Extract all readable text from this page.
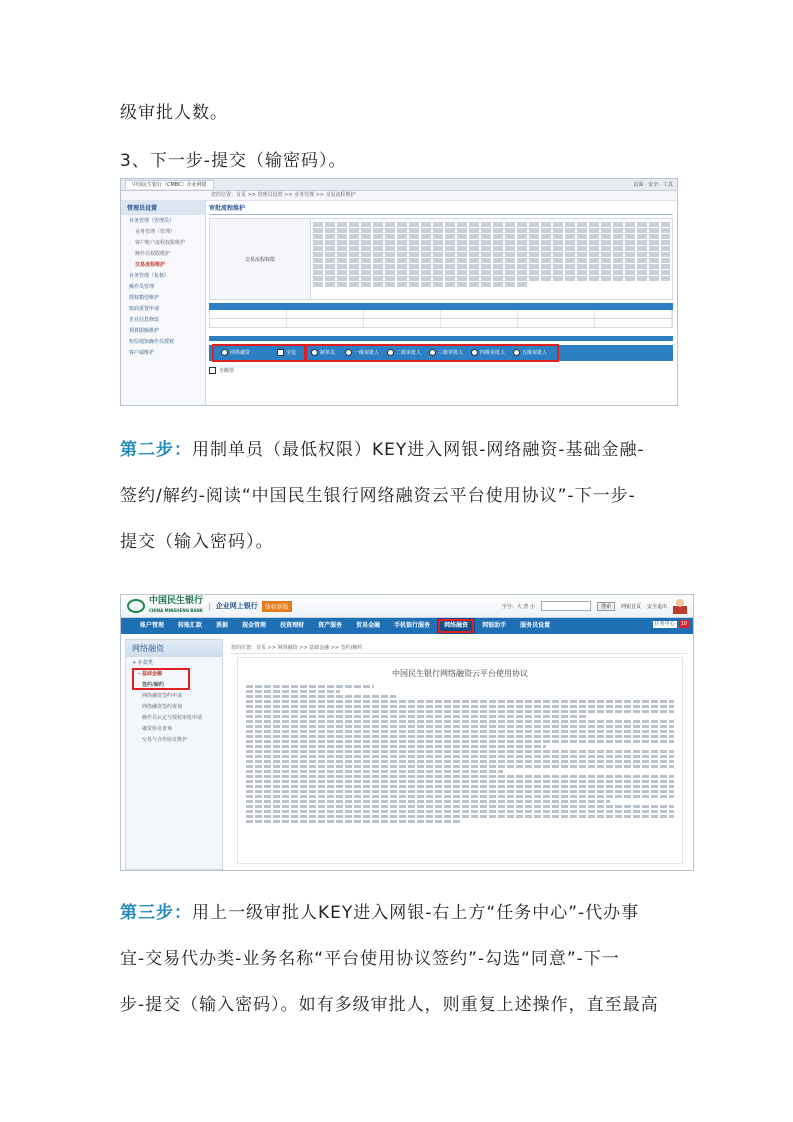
级审批人数。
3、下一步-提交（输密码）。
中国民生银行（CMBC）企业网银	页面 · 安全 · 工具
您的位置：首页 >> 管理员设置 >> 业务管理 >> 交易流程维护
管理员设置
业务管理（管理员）
业务管理（管理）
客户账户流程权限维护
操作员权限维护
交易流程维护
业务管理（复核）
操作员管理
授权模型维护
密码重置申请
企业信息修改
预算限额维护
短信通知操作员授权
客户端维护
审批流程维护
交易流程权限
网络融资	全选	制单员	一级审批人	二级审批人	三级审批人	四级审批人	五级审批人
全额票
第二步：用制单员（最低权限）KEY进入网银-网络融资-基础金融-
签约/解约-阅读“中国民生银行网络融资云平台使用协议”-下一步-
提交（输入密码）。
中国民生银行
CHINA MINSHENG BANK | 企业网上银行	体验新版	字号：大 普 小	搜索	网银首页 安全退出
账户管理	转账汇款	票据	现金管理	投资理财	资产服务	贸易金融	手机银行服务	网络融资	网银助手	服务员设置	任务中心	10
网络融资
+ 存款类
- 基础金融
签约/解约
网络融资签约申请
网络融资签约查询
操作员认定与授权审批申请
融资协议查询
交易与合作协议维护
您的位置：首页 >> 网络融资 >> 基础金融 >> 签约/解约
中国民生银行网络融资云平台使用协议
第三步：用上一级审批人KEY进入网银-右上方“任务中心”-代办事
宜-交易代办类-业务名称“平台使用协议签约”-勾选“同意”-下一
步-提交（输入密码）。如有多级审批人，则重复上述操作，直至最高
